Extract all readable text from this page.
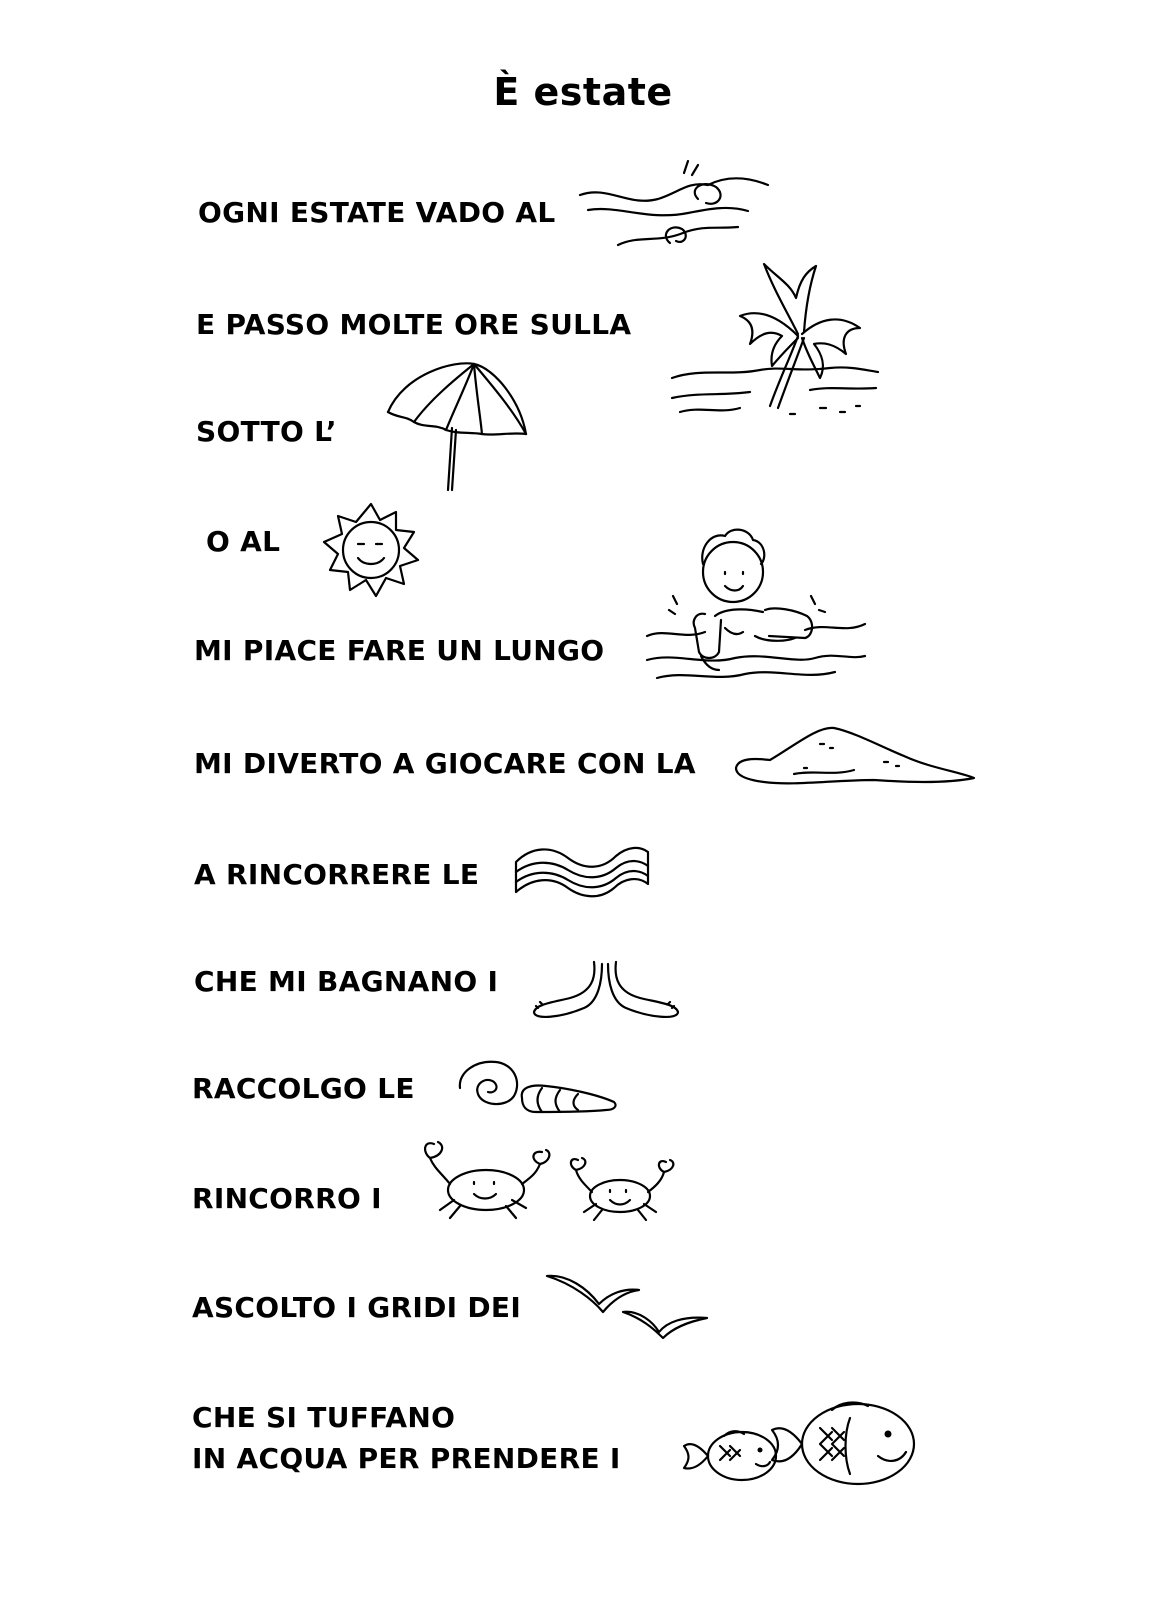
È estate
OGNI ESTATE VADO AL
E PASSO MOLTE ORE SULLA
SOTTO L’
O AL
MI PIACE FARE UN LUNGO
MI DIVERTO A GIOCARE CON LA
A RINCORRERE LE
CHE MI BAGNANO I
RACCOLGO LE
RINCORRO I
ASCOLTO I GRIDI DEI
CHE SI TUFFANO
IN ACQUA PER PRENDERE I
